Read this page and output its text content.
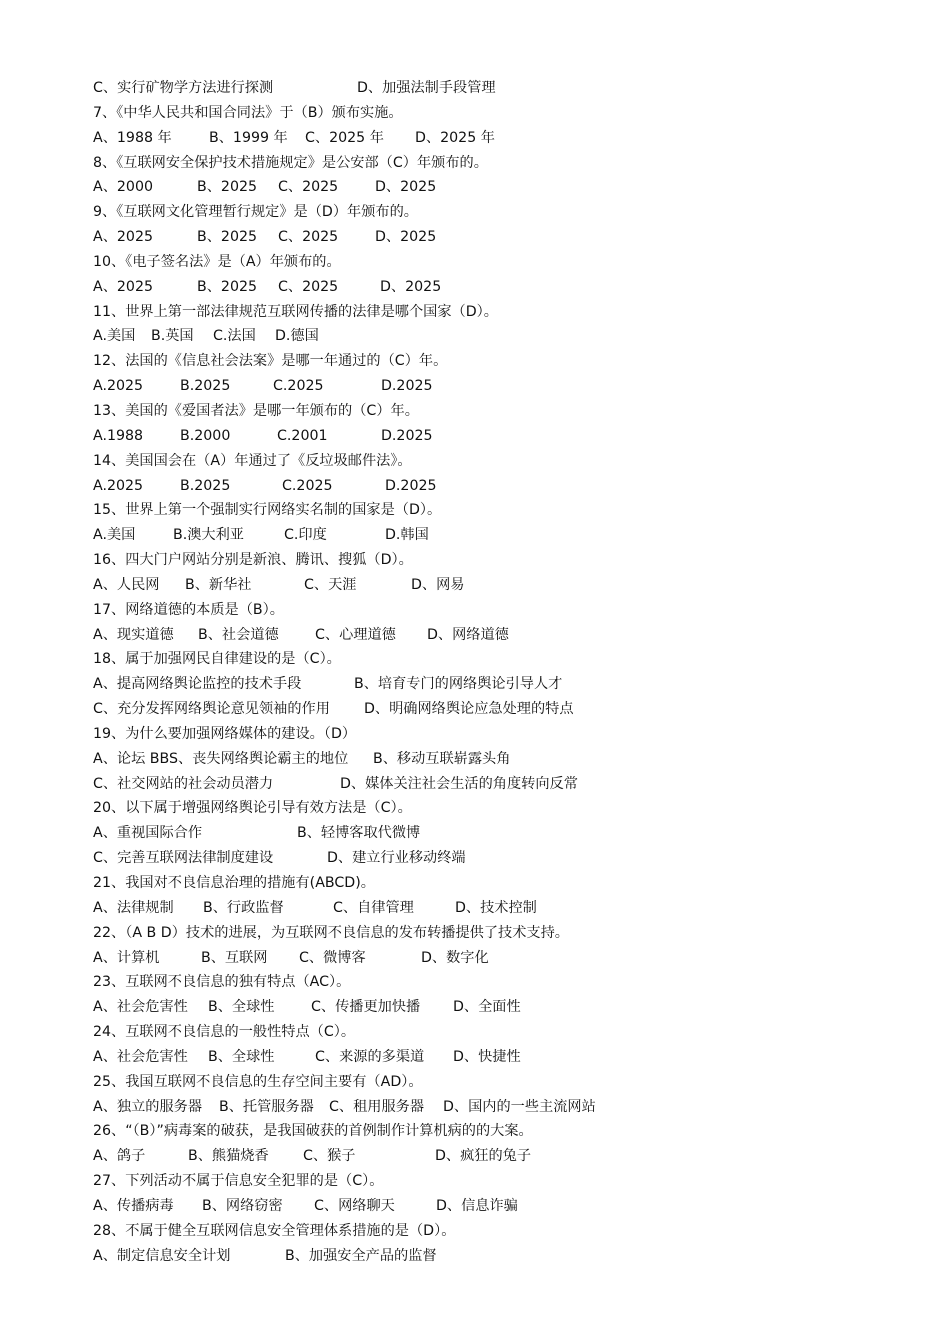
C、实行矿物学方法进行探测	D、加强法制手段管理
7、《中华人民共和国合同法》于（B）颁布实施。
A、1988 年	B、1999 年 C、2025 年 D、2025 年
8、《互联网安全保护技术措施规定》是公安部（C）年颁布的。
A、2000	B、2025 C、2025	D、2025
9、《互联网文化管理暂行规定》是（D）年颁布的。
A、2025	B、2025 C、2025	D、2025
10、《电子签名法》是（A）年颁布的。
A、2025	B、2025 C、2025	D、2025
11、世界上第一部法律规范互联网传播的法律是哪个国家（D）。
A.美国 B.英国 C.法国 D.德国
12、法国的《信息社会法案》是哪一年通过的（C）年。
A.2025	B.2025	C.2025	D.2025
13、美国的《爱国者法》是哪一年颁布的（C）年。
A.1988	B.2000	C.2001	D.2025
14、美国国会在（A）年通过了《反垃圾邮件法》。
A.2025	B.2025	C.2025	D.2025
15、世界上第一个强制实行网络实名制的国家是（D）。
A.美国	B.澳大利亚	C.印度	D.韩国
16、四大门户网站分别是新浪、腾讯、搜狐（D）。
A、人民网 B、新华社	C、天涯	D、网易
17、网络道德的本质是（B）。
A、现实道德 B、社会道德	C、心理道德 D、网络道德
18、属于加强网民自律建设的是（C）。
A、提高网络舆论监控的技术手段	B、培育专门的网络舆论引导人才
C、充分发挥网络舆论意见领袖的作用 D、明确网络舆论应急处理的特点
19、为什么要加强网络媒体的建设。（D）
A、论坛 BBS、丧失网络舆论霸主的地位 B、移动互联崭露头角
C、社交网站的社会动员潜力	D、媒体关注社会生活的角度转向反常
20、以下属于增强网络舆论引导有效方法是（C）。
A、重视国际合作	B、轻博客取代微博
C、完善互联网法律制度建设	D、建立行业移动终端
21、我国对不良信息治理的措施有(ABCD)。
A、法律规制 B、行政监督	C、自律管理	D、技术控制
22、（A B D）技术的进展，为互联网不良信息的发布转播提供了技术支持。
A、计算机	B、互联网 C、微博客	D、数字化
23、互联网不良信息的独有特点（AC）。
A、社会危害性 B、全球性	C、传播更加快播 D、全面性
24、互联网不良信息的一般性特点（C）。
A、社会危害性 B、全球性	C、来源的多渠道 D、快捷性
25、我国互联网不良信息的生存空间主要有（AD）。
A、独立的服务器 B、托管服务器 C、租用服务器 D、国内的一些主流网站
26、“（B）”病毒案的破获，是我国破获的首例制作计算机病的的大案。
A、鸽子	B、熊猫烧香 C、猴子	D、疯狂的兔子
27、下列活动不属于信息安全犯罪的是（C）。
A、传播病毒 B、网络窃密 C、网络聊天	D、信息诈骗
28、不属于健全互联网信息安全管理体系措施的是（D）。
A、制定信息安全计划	B、加强安全产品的监督
